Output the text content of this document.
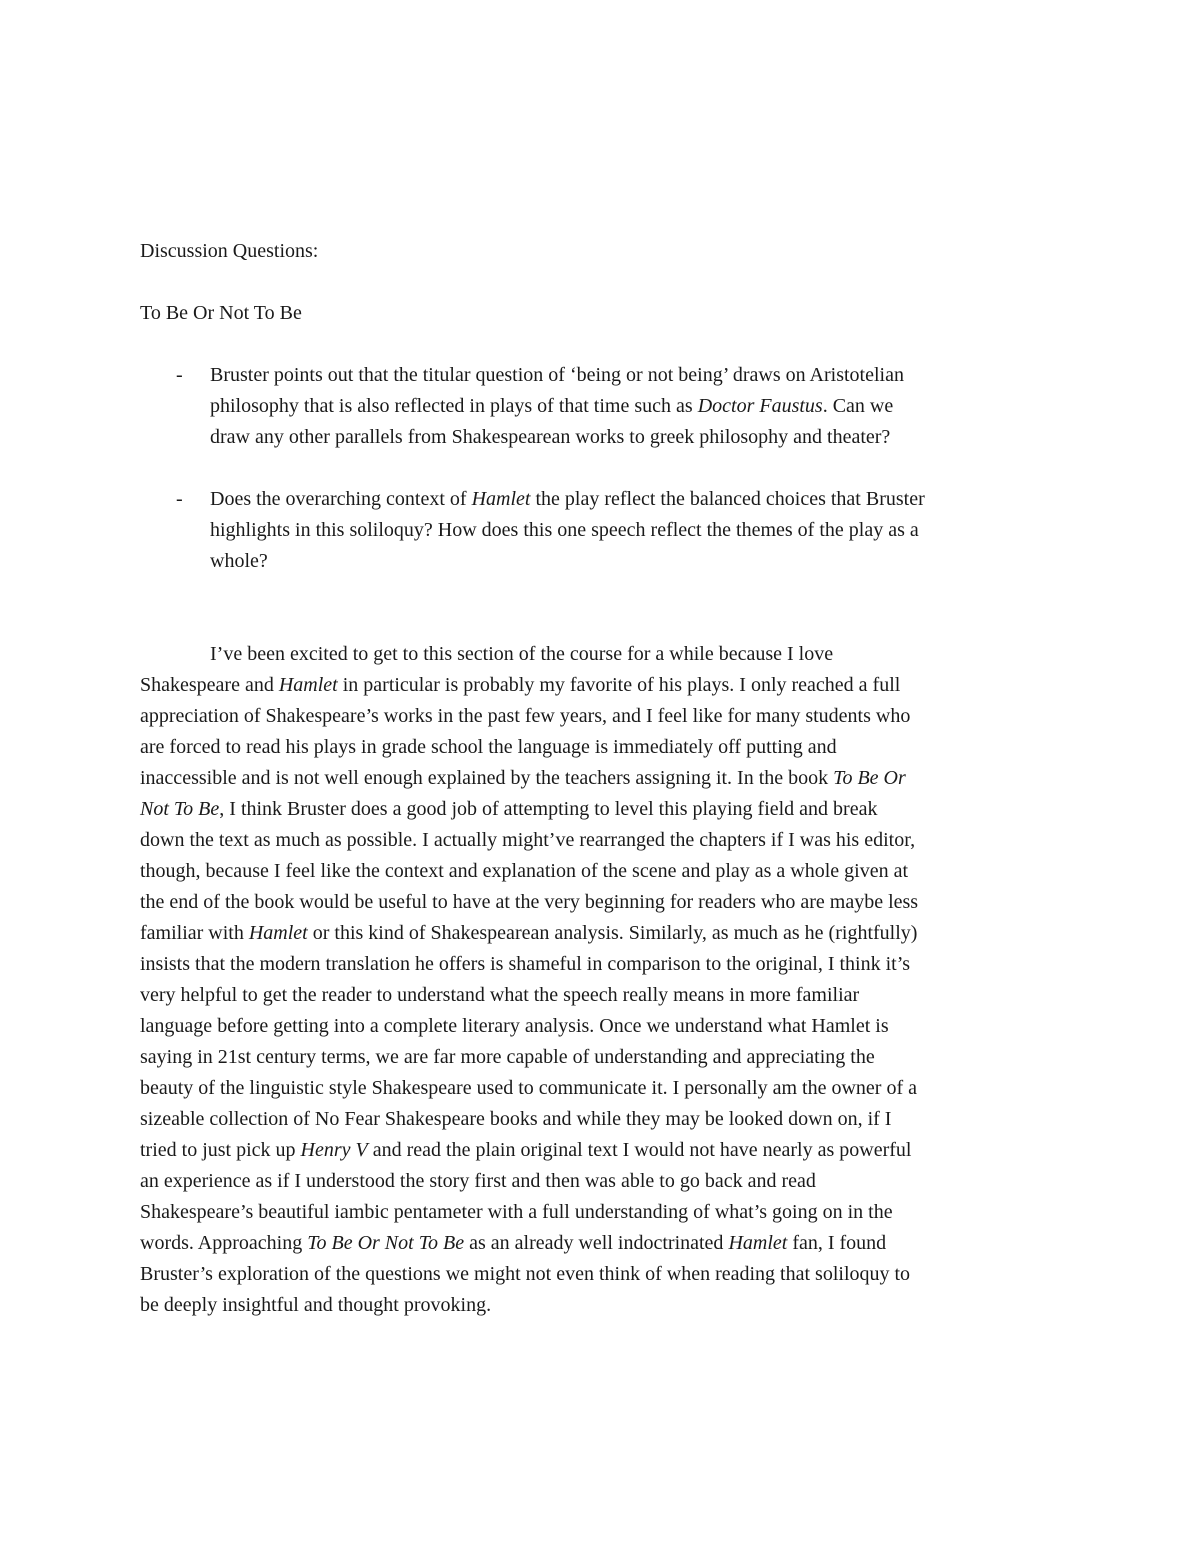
Discussion Questions:

To Be Or Not To Be

- Bruster points out that the titular question of ‘being or not being’ draws on Aristotelian
philosophy that is also reflected in plays of that time such as Doctor Faustus. Can we
draw any other parallels from Shakespearean works to greek philosophy and theater?
- Does the overarching context of Hamlet the play reflect the balanced choices that Bruster
highlights in this soliloquy? How does this one speech reflect the themes of the play as a
whole?
I’ve been excited to get to this section of the course for a while because I love
Shakespeare and Hamlet in particular is probably my favorite of his plays. I only reached a full
appreciation of Shakespeare’s works in the past few years, and I feel like for many students who
are forced to read his plays in grade school the language is immediately off putting and
inaccessible and is not well enough explained by the teachers assigning it. In the book To Be Or
Not To Be, I think Bruster does a good job of attempting to level this playing field and break
down the text as much as possible. I actually might’ve rearranged the chapters if I was his editor,
though, because I feel like the context and explanation of the scene and play as a whole given at
the end of the book would be useful to have at the very beginning for readers who are maybe less
familiar with Hamlet or this kind of Shakespearean analysis. Similarly, as much as he (rightfully)
insists that the modern translation he offers is shameful in comparison to the original, I think it’s
very helpful to get the reader to understand what the speech really means in more familiar
language before getting into a complete literary analysis. Once we understand what Hamlet is
saying in 21st century terms, we are far more capable of understanding and appreciating the
beauty of the linguistic style Shakespeare used to communicate it. I personally am the owner of a
sizeable collection of No Fear Shakespeare books and while they may be looked down on, if I
tried to just pick up Henry V and read the plain original text I would not have nearly as powerful
an experience as if I understood the story first and then was able to go back and read
Shakespeare’s beautiful iambic pentameter with a full understanding of what’s going on in the
words. Approaching To Be Or Not To Be as an already well indoctrinated Hamlet fan, I found
Bruster’s exploration of the questions we might not even think of when reading that soliloquy to
be deeply insightful and thought provoking.
